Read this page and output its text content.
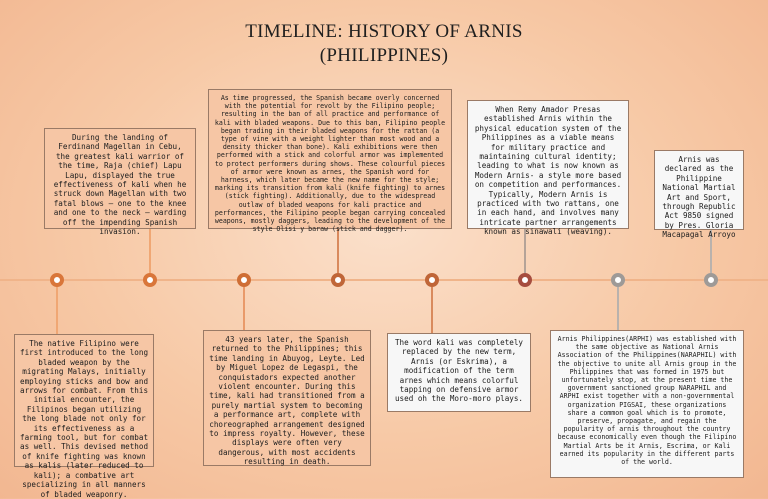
TIMELINE: HISTORY OF ARNIS
(PHILIPPINES)
The native Filipino were first introduced to the long bladed weapon by the migrating Malays, initially employing sticks and bow and arrows for combat. From this initial encounter, the Filipinos began utilizing the long blade not only for its effectiveness as a farming tool, but for combat as well. This devised method of knife fighting was known as kalis (later reduced to kali); a combative art specializing in all manners of bladed weaponry.
During the landing of Ferdinand Magellan in Cebu, the greatest kali warrior of the time, Raja (chief) Lapu Lapu, displayed the true effectiveness of kali when he struck down Magellan with two fatal blows – one to the knee and one to the neck – warding off the impending Spanish invasion.
43 years later, the Spanish returned to the Philippines; this time landing in Abuyog, Leyte. Led by Miguel Lopez de Legaspi, the conquistadors expected another violent encounter. During this time, kali had transitioned from a purely martial system to becoming a performance art, complete with choreographed arrangement designed to impress royalty. However, these displays were often very dangerous, with most accidents resulting in death.
As time progressed, the Spanish became overly concerned with the potential for revolt by the Filipino people; resulting in the ban of all practice and performance of kali with bladed weapons. Due to this ban, Filipino people began trading in their bladed weapons for the rattan (a type of vine with a weight lighter than most wood and a density thicker than bone). Kali exhibitions were then performed with a stick and colorful armor was implemented to protect performers during shows. These colourful pieces of armor were known as arnes, the Spanish word for harness, which later became the new name for the style; marking its transition from kali (knife fighting) to arnes (stick fighting). Additionally, due to the widespread outlaw of bladed weapons for kali practice and performances, the Filipino people began carrying concealed weapons, mostly daggers, leading to the development of the style Olisi y baraw (stick and dagger).
The word kali was completely replaced by the new term, Arnis (or Eskrima), a modification of the term arnes which means colorful tapping on defensive armor used oh the Moro-moro plays.
When Remy Amador Presas established Arnis within the physical education system of the Philippines as a viable means for military practice and maintaining cultural identity; leading to what is now known as Modern Arnis- a style more based on competition and performances. Typically, Modern Arnis is practiced with two rattans, one in each hand, and involves many intricate partner arrangements known as sinawali (weaving).
Arnis Philippines(ARPHI) was established with the same objective as National Arnis Association of the Philippines(NARAPHIL) with the objective to unite all Arnis group in the Philippines that was formed in 1975 but unfortunately stop, at the present time the government sanctioned group NARAPHIL and ARPHI exist together with a non-governmental organization PIGSAI, these organizations share a common goal which is to promote, preserve, propagate, and regain the popularity of arnis throughout the country because economically even though the Filipino Martial Arts be it Arnis, Escrima, or Kali earned its popularity in the different parts of the world.
Arnis was declared as the Philippine National Martial Art and Sport, through Republic Act 9850 signed by Pres. Gloria Macapagal Arroyo
